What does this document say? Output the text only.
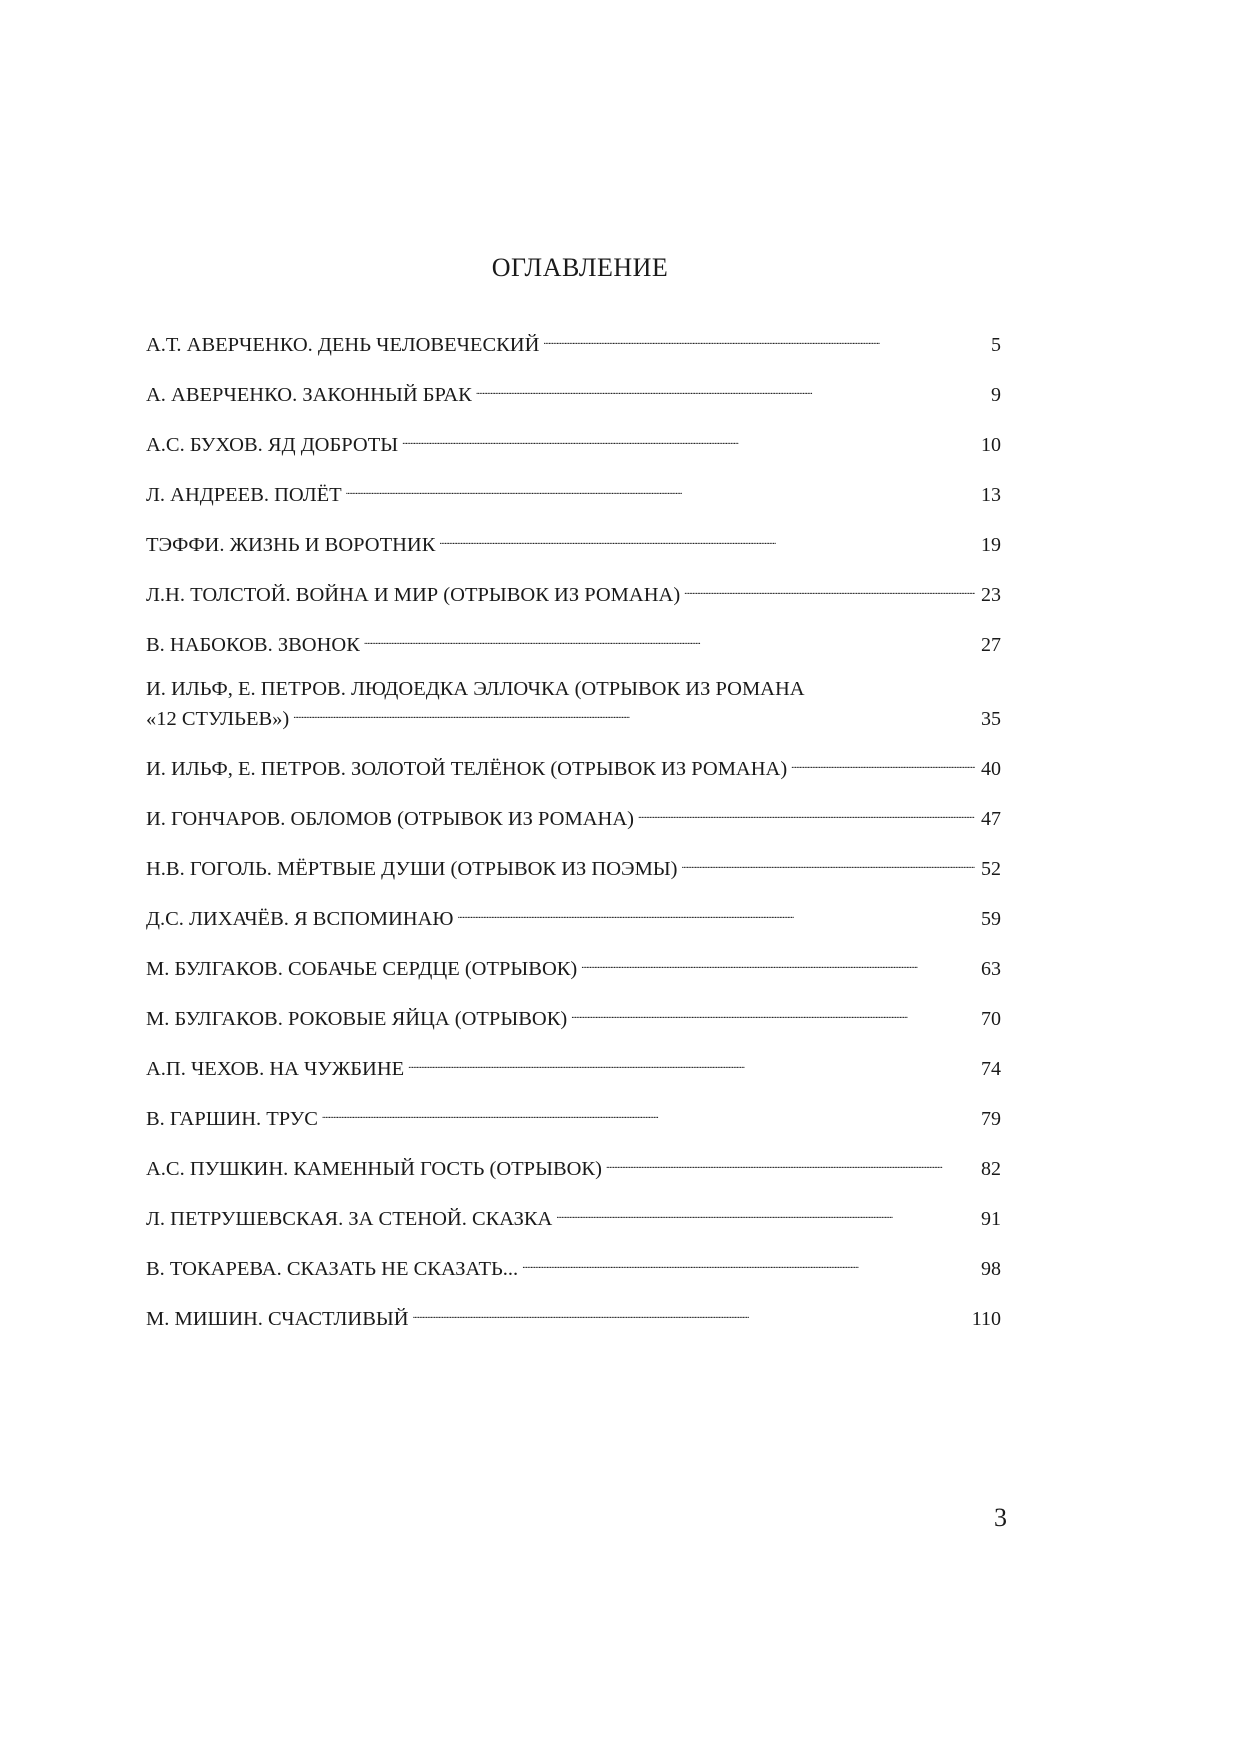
ОГЛАВЛЕНИЕ
А.Т. АВЕРЧЕНКО. ДЕНЬ ЧЕЛОВЕЧЕСКИЙ . . .	5
А. АВЕРЧЕНКО. ЗАКОННЫЙ БРАК . . .	9
А.С. БУХОВ. ЯД ДОБРОТЫ . . .	10
Л. АНДРЕЕВ. ПОЛЁТ . . .	13
ТЭФФИ. ЖИЗНЬ И ВОРОТНИК . . .	19
Л.Н. ТОЛСТОЙ. ВОЙНА И МИР (ОТРЫВОК ИЗ РОМАНА) . . .	23
В. НАБОКОВ. ЗВОНОК . . .	27
И. ИЛЬФ, Е. ПЕТРОВ. ЛЮДОЕДКА ЭЛЛОЧКА (ОТРЫВОК ИЗ РОМАНА
«12 СТУЛЬЕВ») . . .	35
И. ИЛЬФ, Е. ПЕТРОВ. ЗОЛОТОЙ ТЕЛЁНОК (ОТРЫВОК ИЗ РОМАНА) . . .	40
И. ГОНЧАРОВ. ОБЛОМОВ (ОТРЫВОК ИЗ РОМАНА) . . .	47
Н.В. ГОГОЛЬ. МЁРТВЫЕ ДУШИ (ОТРЫВОК ИЗ ПОЭМЫ) . . .	52
Д.С. ЛИХАЧЁВ. Я ВСПОМИНАЮ . . .	59
М. БУЛГАКОВ. СОБАЧЬЕ СЕРДЦЕ (ОТРЫВОК) . . .	63
М. БУЛГАКОВ. РОКОВЫЕ ЯЙЦА (ОТРЫВОК) . . .	70
А.П. ЧЕХОВ. НА ЧУЖБИНЕ . . .	74
В. ГАРШИН. ТРУС . . .	79
А.С. ПУШКИН. КАМЕННЫЙ ГОСТЬ (ОТРЫВОК) . . .	82
Л. ПЕТРУШЕВСКАЯ. ЗА СТЕНОЙ. СКАЗКА . . .	91
В. ТОКАРЕВА. СКАЗАТЬ НЕ СКАЗАТЬ... . . .	98
М. МИШИН. СЧАСТЛИВЫЙ . . .	110
3
